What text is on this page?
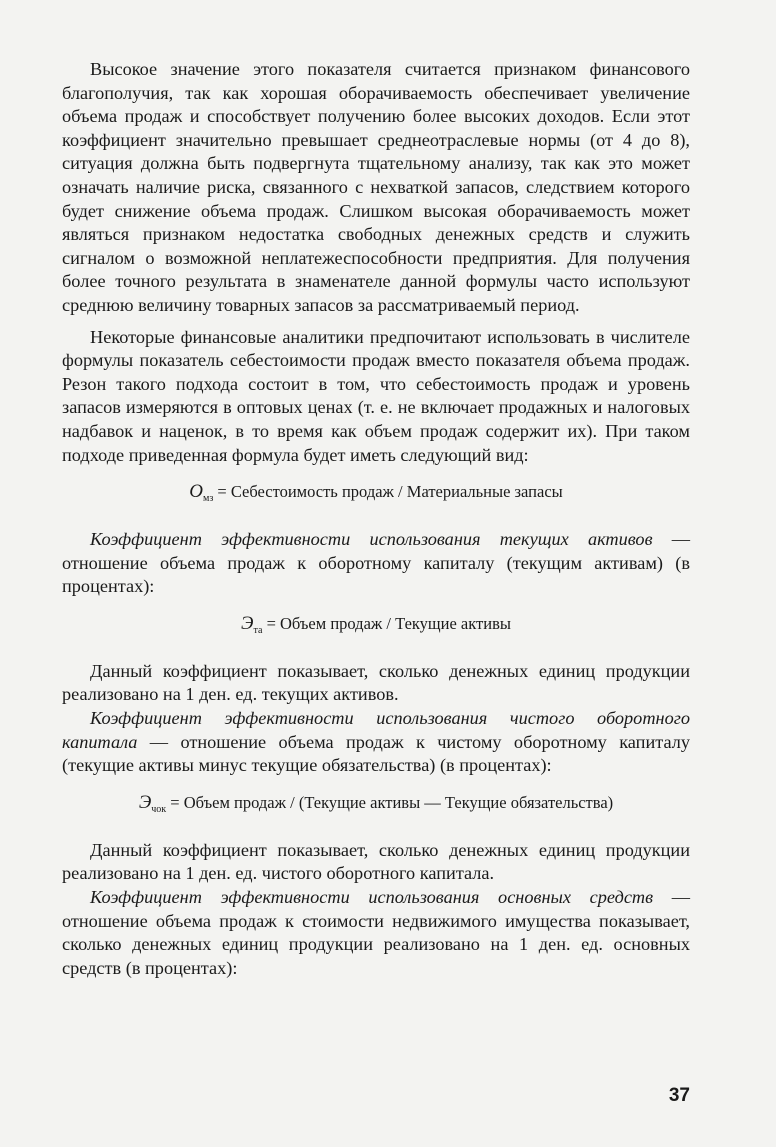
Высокое значение этого показателя считается признаком финансового благополучия, так как хорошая оборачиваемость обеспечивает увеличение объема продаж и способствует получению более высоких доходов. Если этот коэффициент значительно превышает среднеотраслевые нормы (от 4 до 8), ситуация должна быть подвергнута тщательному анализу, так как это может означать наличие риска, связанного с нехваткой запасов, следствием которого будет снижение объема продаж. Слишком высокая оборачиваемость может являться признаком недостатка свободных денежных средств и служить сигналом о возможной неплатежеспособности предприятия. Для получения более точного результата в знаменателе данной формулы часто используют среднюю величину товарных запасов за рассматриваемый период.

Некоторые финансовые аналитики предпочитают использовать в числителе формулы показатель себестоимости продаж вместо показателя объема продаж. Резон такого подхода состоит в том, что себестоимость продаж и уровень запасов измеряются в оптовых ценах (т. е. не включает продажных и налоговых надбавок и наценок, в то время как объем продаж содержит их). При таком подходе приведенная формула будет иметь следующий вид:

$О_{мз}$ = Себестоимость продаж / Материальные запасы

Коэффициент эффективности использования текущих активов — отношение объема продаж к оборотному капиталу (текущим активам) (в процентах):

$Э_{та}$ = Объем продаж / Текущие активы

Данный коэффициент показывает, сколько денежных единиц продукции реализовано на 1 ден. ед. текущих активов.

Коэффициент эффективности использования чистого оборотного капитала — отношение объема продаж к чистому оборотному капиталу (текущие активы минус текущие обязательства) (в процентах):

$Э_{чок}$ = Объем продаж / (Текущие активы — Текущие обязательства)

Данный коэффициент показывает, сколько денежных единиц продукции реализовано на 1 ден. ед. чистого оборотного капитала.

Коэффициент эффективности использования основных средств — отношение объема продаж к стоимости недвижимого имущества показывает, сколько денежных единиц продукции реализовано на 1 ден. ед. основных средств (в процентах):

37
